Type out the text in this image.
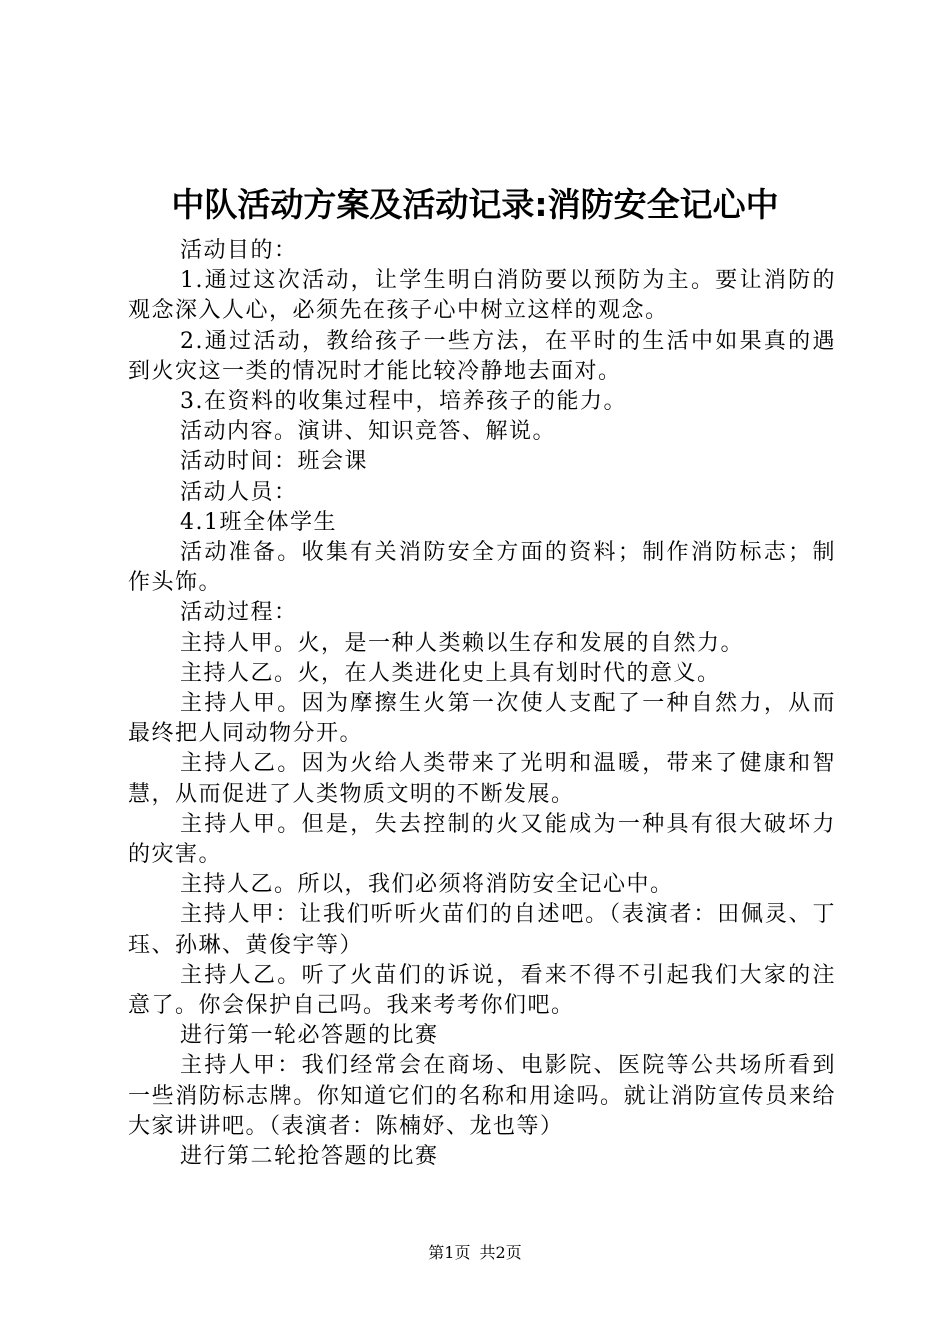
中队活动方案及活动记录:消防安全记心中

活动目的：

1.通过这次活动，让学生明白消防要以预防为主。要让消防的观念深入人心，必须先在孩子心中树立这样的观念。

2.通过活动，教给孩子一些方法，在平时的生活中如果真的遇到火灾这一类的情况时才能比较冷静地去面对。

3.在资料的收集过程中，培养孩子的能力。

活动内容。演讲、知识竞答、解说。

活动时间：班会课

活动人员：

4.1班全体学生

活动准备。收集有关消防安全方面的资料；制作消防标志；制作头饰。

活动过程：

主持人甲。火，是一种人类赖以生存和发展的自然力。

主持人乙。火，在人类进化史上具有划时代的意义。

主持人甲。因为摩擦生火第一次使人支配了一种自然力，从而最终把人同动物分开。

主持人乙。因为火给人类带来了光明和温暖，带来了健康和智慧，从而促进了人类物质文明的不断发展。

主持人甲。但是，失去控制的火又能成为一种具有很大破坏力的灾害。

主持人乙。所以，我们必须将消防安全记心中。

主持人甲：让我们听听火苗们的自述吧。（表演者：田佩灵、丁珏、孙琳、黄俊宇等）

主持人乙。听了火苗们的诉说，看来不得不引起我们大家的注意了。你会保护自己吗。我来考考你们吧。

进行第一轮必答题的比赛

主持人甲：我们经常会在商场、电影院、医院等公共场所看到一些消防标志牌。你知道它们的名称和用途吗。就让消防宣传员来给大家讲讲吧。（表演者：陈楠妤、龙也等）

进行第二轮抢答题的比赛

第1页 共2页
